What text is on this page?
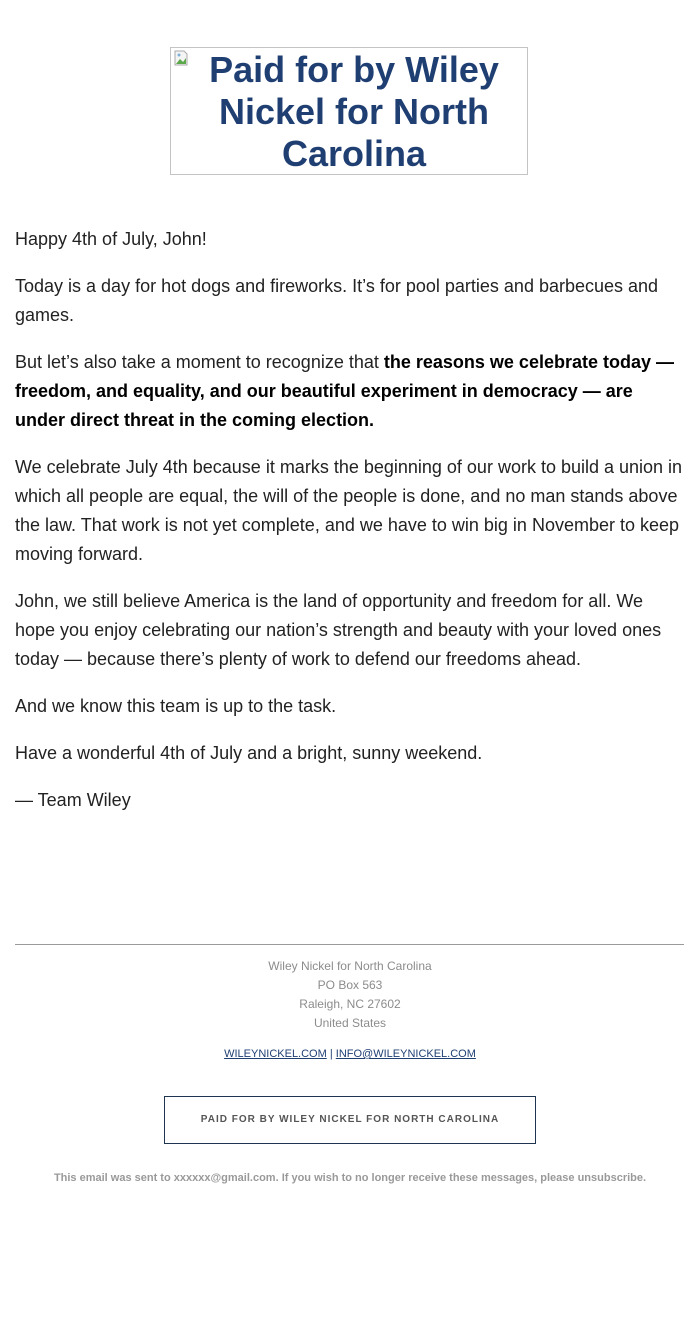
Paid for by Wiley Nickel for North Carolina

Happy 4th of July, John!

Today is a day for hot dogs and fireworks. It’s for pool parties and barbecues and games.

But let’s also take a moment to recognize that the reasons we celebrate today — freedom, and equality, and our beautiful experiment in democracy — are under direct threat in the coming election.

We celebrate July 4th because it marks the beginning of our work to build a union in which all people are equal, the will of the people is done, and no man stands above the law. That work is not yet complete, and we have to win big in November to keep moving forward.

John, we still believe America is the land of opportunity and freedom for all. We hope you enjoy celebrating our nation’s strength and beauty with your loved ones today — because there’s plenty of work to defend our freedoms ahead.

And we know this team is up to the task.

Have a wonderful 4th of July and a bright, sunny weekend.

— Team Wiley

Wiley Nickel for North Carolina
PO Box 563
Raleigh, NC 27602
United States
WILEYNICKEL.COM | INFO@WILEYNICKEL.COM
PAID FOR BY WILEY NICKEL FOR NORTH CAROLINA
This email was sent to xxxxxx@gmail.com. If you wish to no longer receive these messages, please unsubscribe.
